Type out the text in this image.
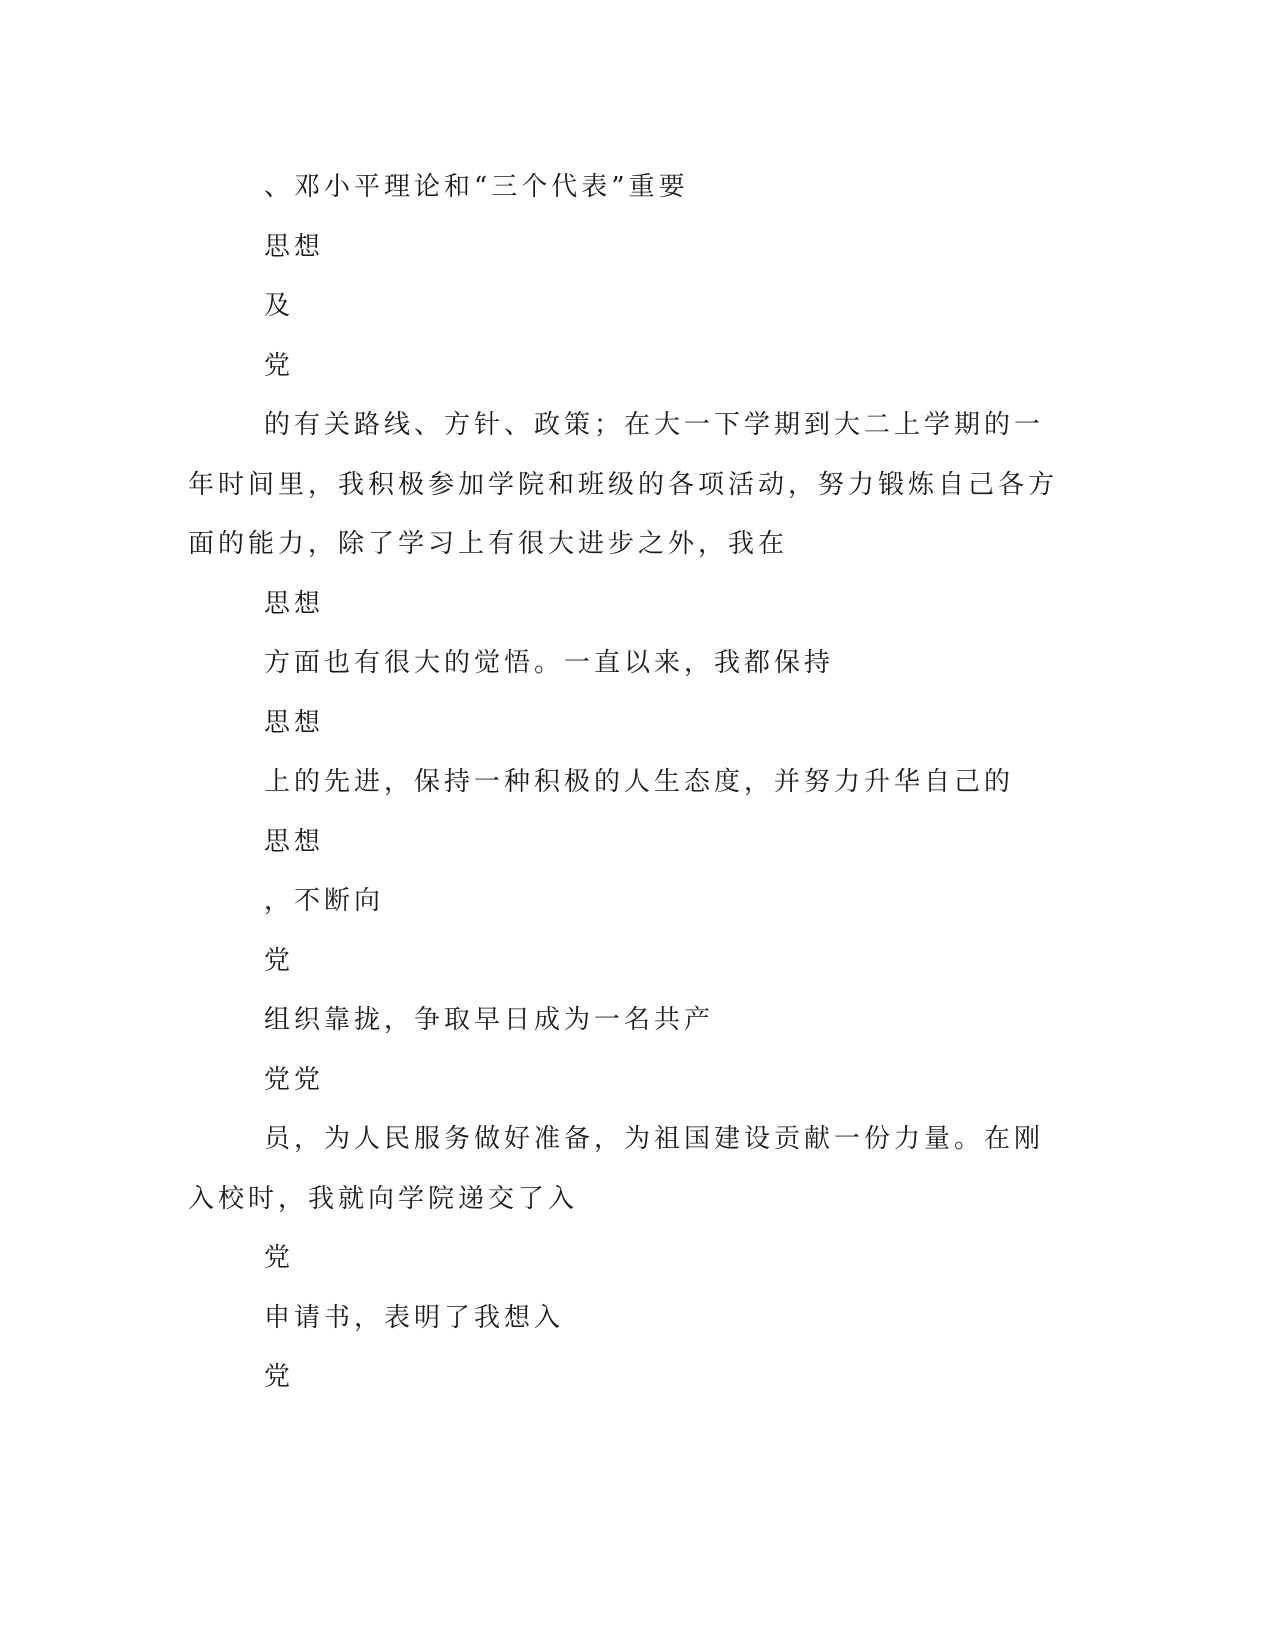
、邓小平理论和“三个代表”重要

思想

及

党

的有关路线、方针、政策；在大一下学期到大二上学期的一年时间里，我积极参加学院和班级的各项活动，努力锻炼自己各方面的能力，除了学习上有很大进步之外，我在

思想

方面也有很大的觉悟。一直以来，我都保持

思想

上的先进，保持一种积极的人生态度，并努力升华自己的

思想

，不断向

党

组织靠拢，争取早日成为一名共产

党党

员，为人民服务做好准备，为祖国建设贡献一份力量。在刚入校时，我就向学院递交了入

党

申请书，表明了我想入

党
